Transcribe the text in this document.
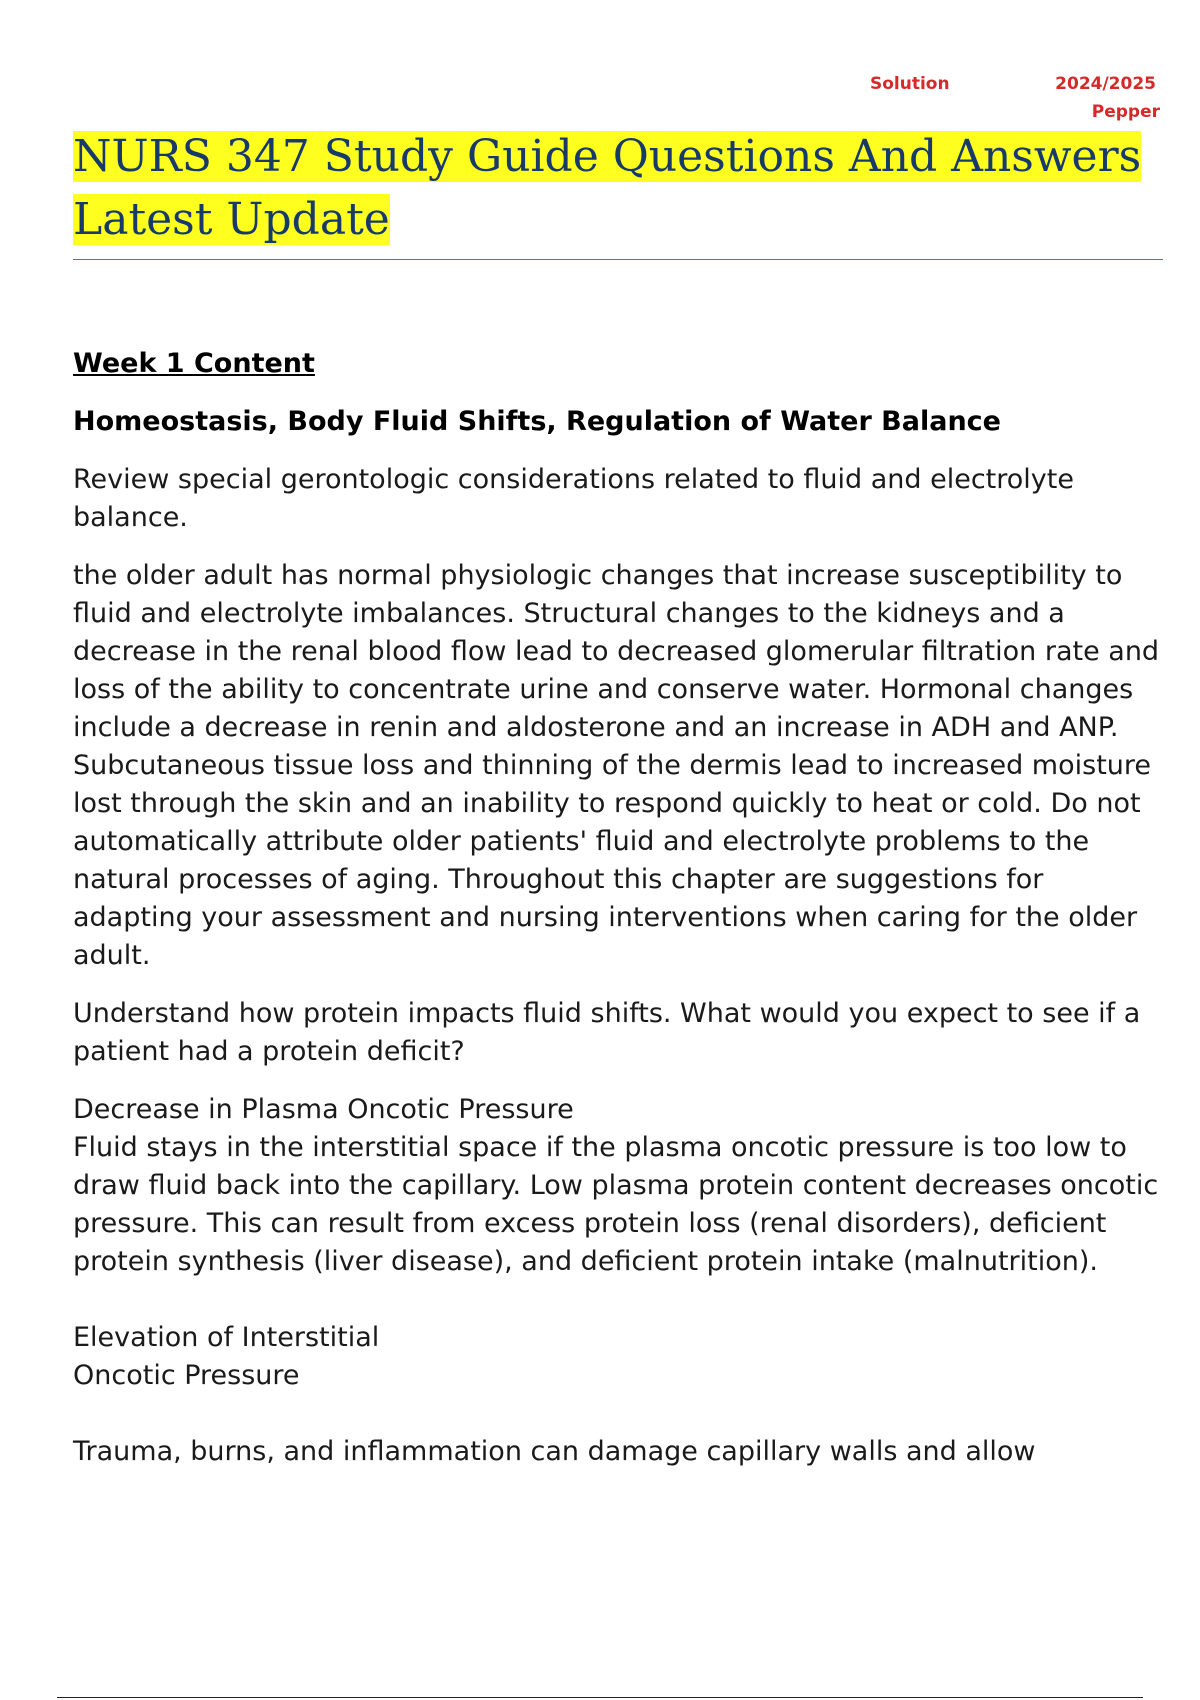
Solution	2024/2025
Pepper
NURS 347 Study Guide Questions And Answers Latest Update

Week 1 Content

Homeostasis, Body Fluid Shifts, Regulation of Water Balance

Review special gerontologic considerations related to fluid and electrolyte balance.

the older adult has normal physiologic changes that increase susceptibility to fluid and electrolyte imbalances. Structural changes to the kidneys and a decrease in the renal blood flow lead to decreased glomerular filtration rate and loss of the ability to concentrate urine and conserve water. Hormonal changes include a decrease in renin and aldosterone and an increase in ADH and ANP. Subcutaneous tissue loss and thinning of the dermis lead to increased moisture lost through the skin and an inability to respond quickly to heat or cold. Do not automatically attribute older patients' fluid and electrolyte problems to the natural processes of aging. Throughout this chapter are suggestions for adapting your assessment and nursing interventions when caring for the older adult.

Understand how protein impacts fluid shifts. What would you expect to see if a patient had a protein deficit?

Decrease in Plasma Oncotic Pressure
Fluid stays in the interstitial space if the plasma oncotic pressure is too low to draw fluid back into the capillary. Low plasma protein content decreases oncotic pressure. This can result from excess protein loss (renal disorders), deficient protein synthesis (liver disease), and deficient protein intake (malnutrition).

Elevation of Interstitial
Oncotic Pressure

Trauma, burns, and inflammation can damage capillary walls and allow
